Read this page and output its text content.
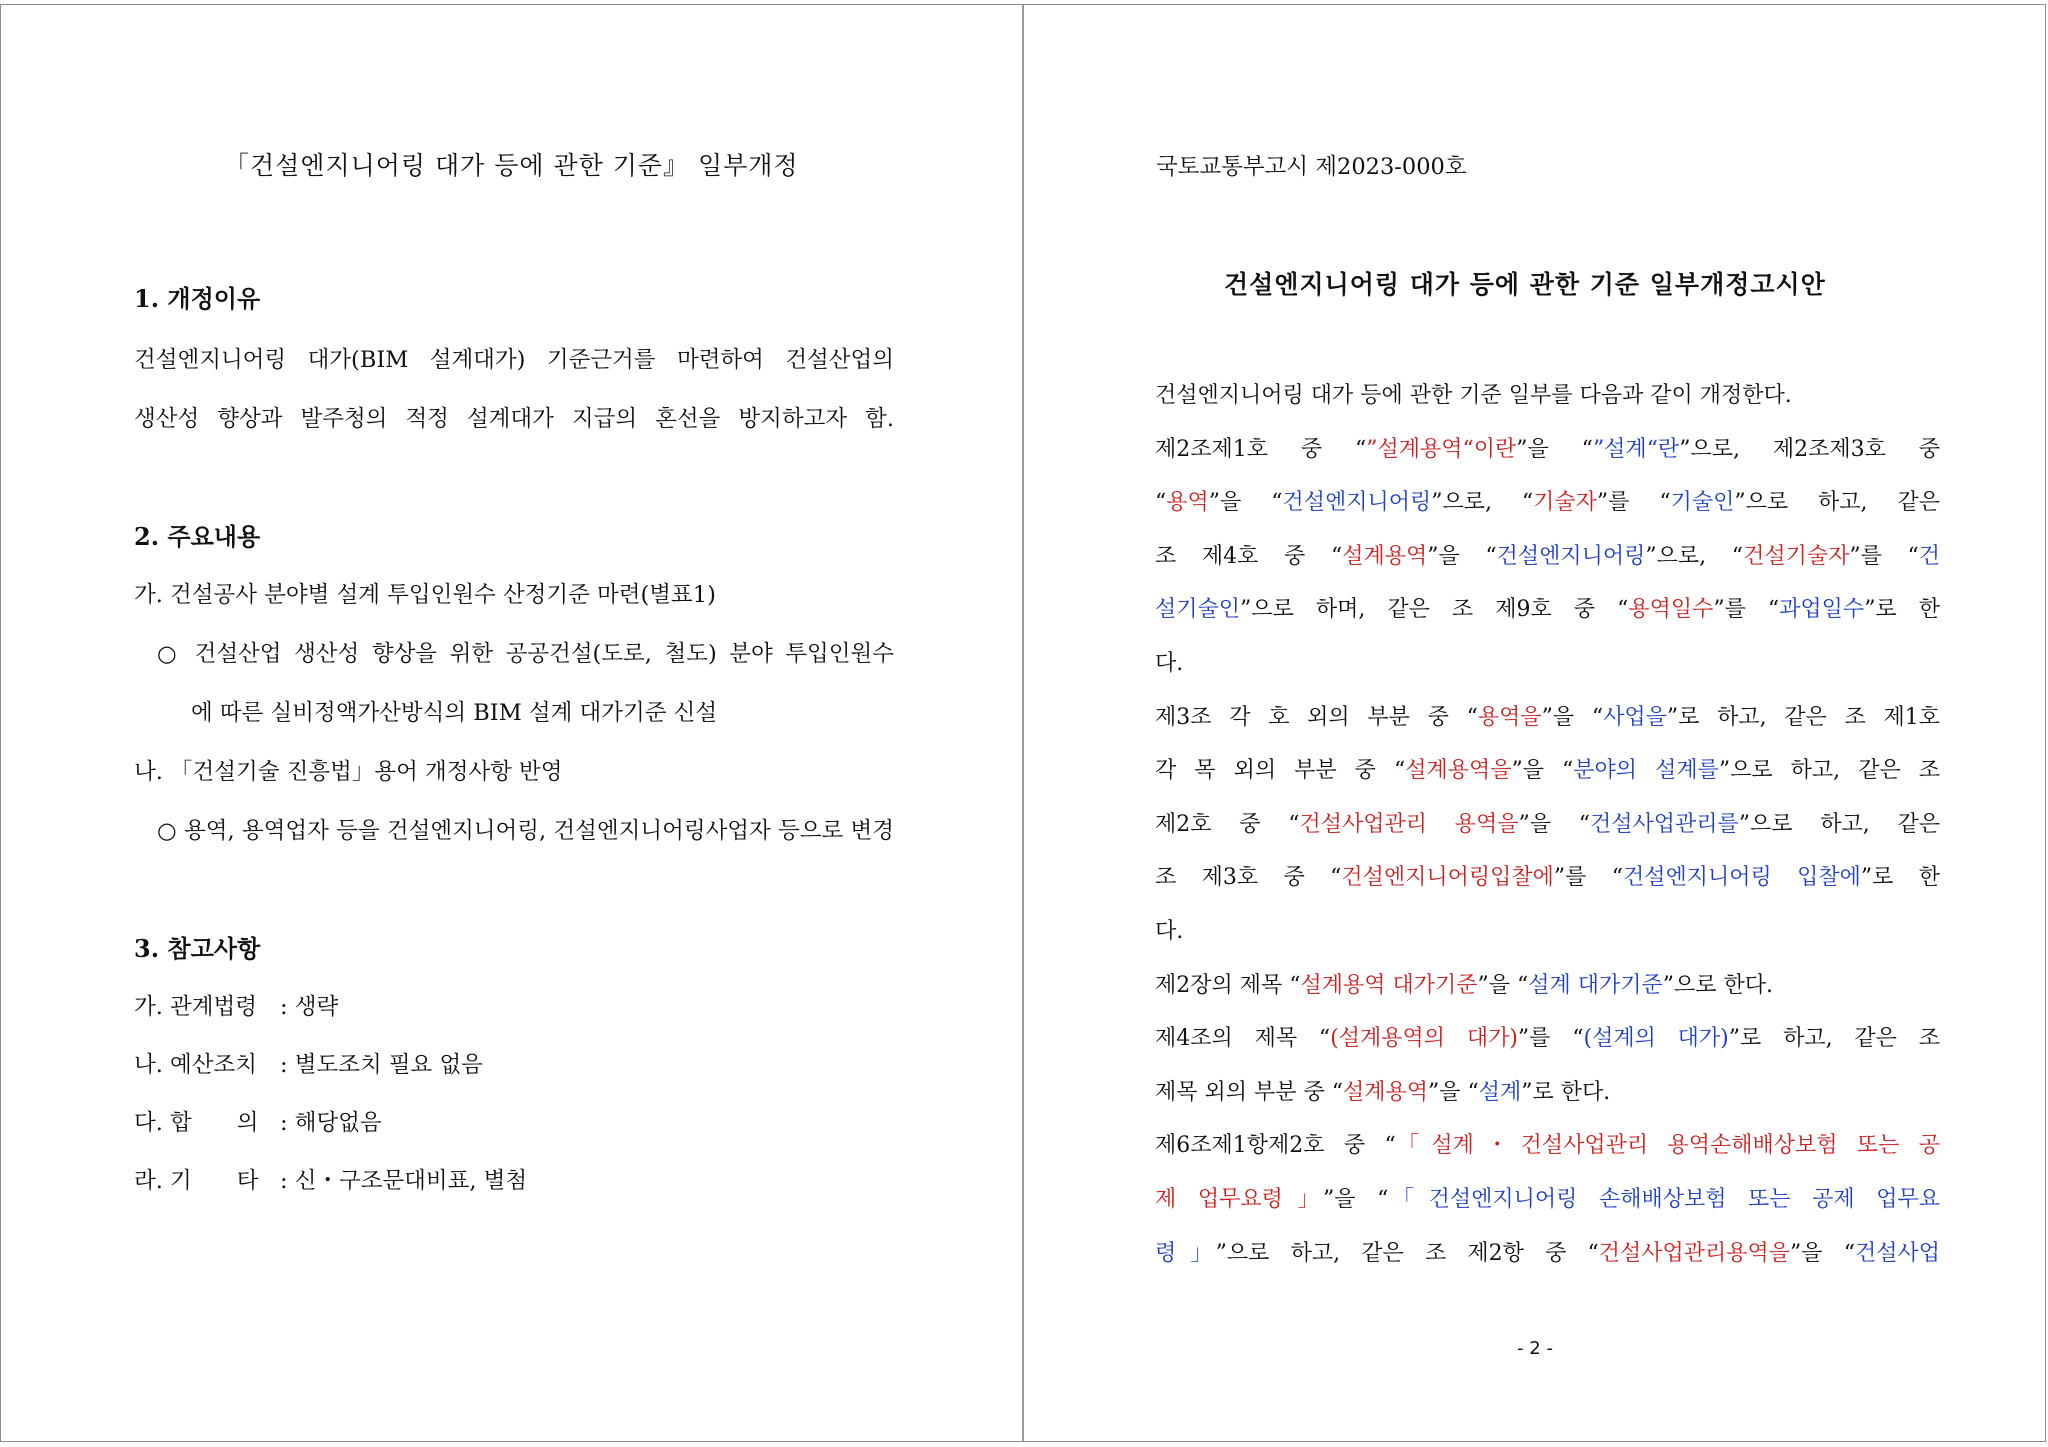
「건설엔지니어링 대가 등에 관한 기준』 일부개정
1. 개정이유
건설엔지니어링 대가(BIM 설계대가) 기준근거를 마련하여 건설산업의
생산성 향상과 발주청의 적정 설계대가 지급의 혼선을 방지하고자 함.
2. 주요내용
가. 건설공사 분야별 설계 투입인원수 산정기준 마련(별표1)
○ 건설산업 생산성 향상을 위한 공공건설(도로, 철도) 분야 투입인원수
에 따른 실비정액가산방식의 BIM 설계 대가기준 신설
나. 「건설기술 진흥법」용어 개정사항 반영
○ 용역, 용역업자 등을 건설엔지니어링, 건설엔지니어링사업자 등으로 변경
3. 참고사항
가. 관계법령 : 생략
나. 예산조치 : 별도조치 필요 없음
다. 합　　의 : 해당없음
라. 기　　타 : 신・구조문대비표, 별첨
국토교통부고시 제2023-000호
건설엔지니어링 대가 등에 관한 기준 일부개정고시안
건설엔지니어링 대가 등에 관한 기준 일부를 다음과 같이 개정한다.
제2조제1호 중 “”설계용역“이란”을 “”설계“란”으로, 제2조제3호 중
“용역”을 “건설엔지니어링”으로, “기술자”를 “기술인”으로 하고, 같은
조 제4호 중 “설계용역”을 “건설엔지니어링”으로, “건설기술자”를 “건
설기술인”으로 하며, 같은 조 제9호 중 “용역일수”를 “과업일수”로 한
다.
제3조 각 호 외의 부분 중 “용역을”을 “사업을”로 하고, 같은 조 제1호
각 목 외의 부분 중 “설계용역을”을 “분야의 설계를”으로 하고, 같은 조
제2호 중 “건설사업관리 용역을”을 “건설사업관리를”으로 하고, 같은
조 제3호 중 “건설엔지니어링입찰에”를 “건설엔지니어링 입찰에”로 한
다.
제2장의 제목 “설계용역 대가기준”을 “설계 대가기준”으로 한다.
제4조의 제목 “(설계용역의 대가)”를 “(설계의 대가)”로 하고, 같은 조
제목 외의 부분 중 “설계용역”을 “설계”로 한다.
제6조제1항제2호 중 “「설계・건설사업관리 용역손해배상보험 또는 공
제 업무요령」”을 “「건설엔지니어링 손해배상보험 또는 공제 업무요
령」”으로 하고, 같은 조 제2항 중 “건설사업관리용역을”을 “건설사업
- 2 -
